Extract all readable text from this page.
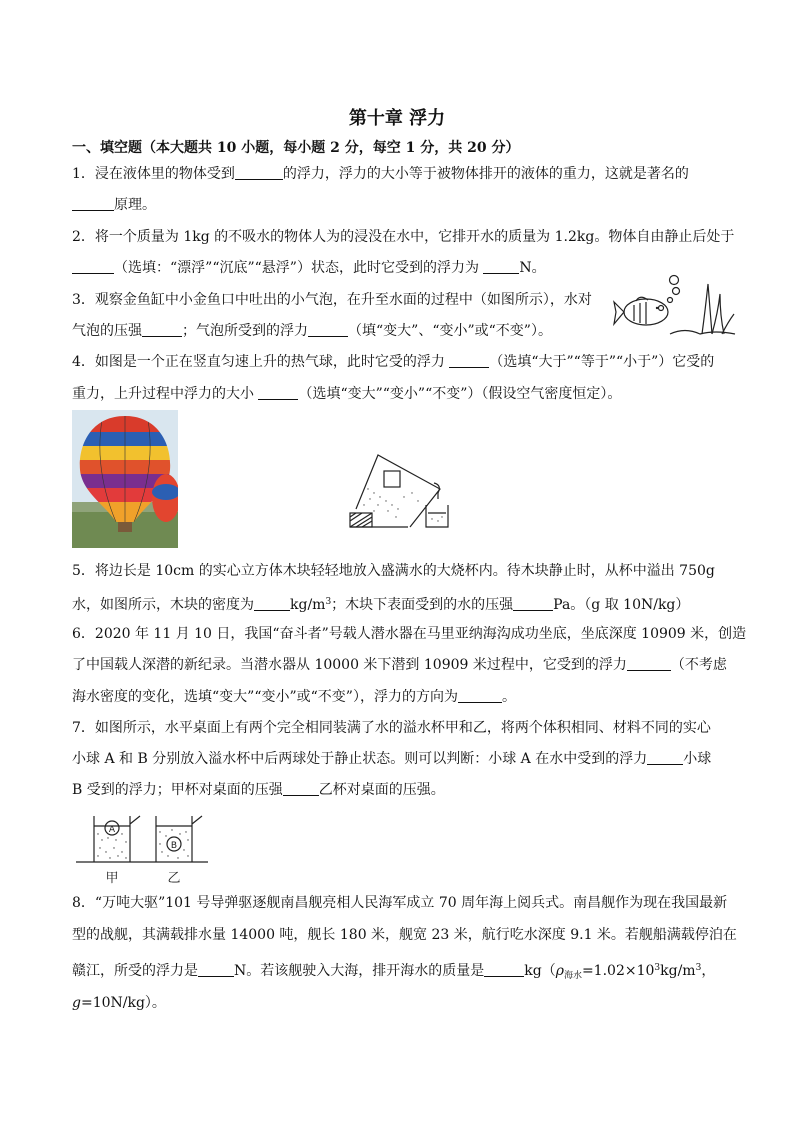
第十章 浮力
一、填空题（本大题共 10 小题，每小题 2 分，每空 1 分，共 20 分）
1．浸在液体里的物体受到	的浮力，浮力的大小等于被物体排开的液体的重力，这就是著名的
原理。
2．将一个质量为 1kg 的不吸水的物体人为的浸没在水中，它排开水的质量为 1.2kg。物体自由静止后处于
（选填：“漂浮”“沉底”“悬浮”）状态，此时它受到的浮力为	N。
3．观察金鱼缸中小金鱼口中吐出的小气泡，在升至水面的过程中（如图所示），水对
气泡的压强	；气泡所受到的浮力	（填“变大”、“变小”或“不变”）。
4．如图是一个正在竖直匀速上升的热气球，此时它受的浮力	（选填“大于”“等于”“小于”）它受的
重力，上升过程中浮力的大小	（选填“变大”“变小”“不变”）（假设空气密度恒定）。
5．将边长是 10cm 的实心立方体木块轻轻地放入盛满水的大烧杯内。待木块静止时，从杯中溢出 750g
水，如图所示，木块的密度为	$kg/m^3$；木块下表面受到的水的压强	Pa。（g 取 10N/kg）
6．2020 年 11 月 10 日，我国“奋斗者”号载人潜水器在马里亚纳海沟成功坐底，坐底深度 10909 米，创造
了中国载人深潜的新纪录。当潜水器从 10000 米下潜到 10909 米过程中，它受到的浮力	（不考虑
海水密度的变化，选填“变大”“变小”或“不变”），浮力的方向为	。
7．如图所示，水平桌面上有两个完全相同装满了水的溢水杯甲和乙，将两个体积相同、材料不同的实心
小球 A 和 B 分别放入溢水杯中后两球处于静止状态。则可以判断：小球 A 在水中受到的浮力	小球
B 受到的浮力；甲杯对桌面的压强	乙杯对桌面的压强。
A
B
甲	乙
8．“万吨大驱”101 号导弹驱逐舰南昌舰亮相人民海军成立 70 周年海上阅兵式。南昌舰作为现在我国最新
型的战舰，其满载排水量 14000 吨，舰长 180 米，舰宽 23 米，航行吃水深度 9.1 米。若舰船满载停泊在
赣江，所受的浮力是	N。若该舰驶入大海，排开海水的质量是	$kg(\rho_{海水}=1.02\times 10^3kg/m^3$，
g=10N/kg）。
